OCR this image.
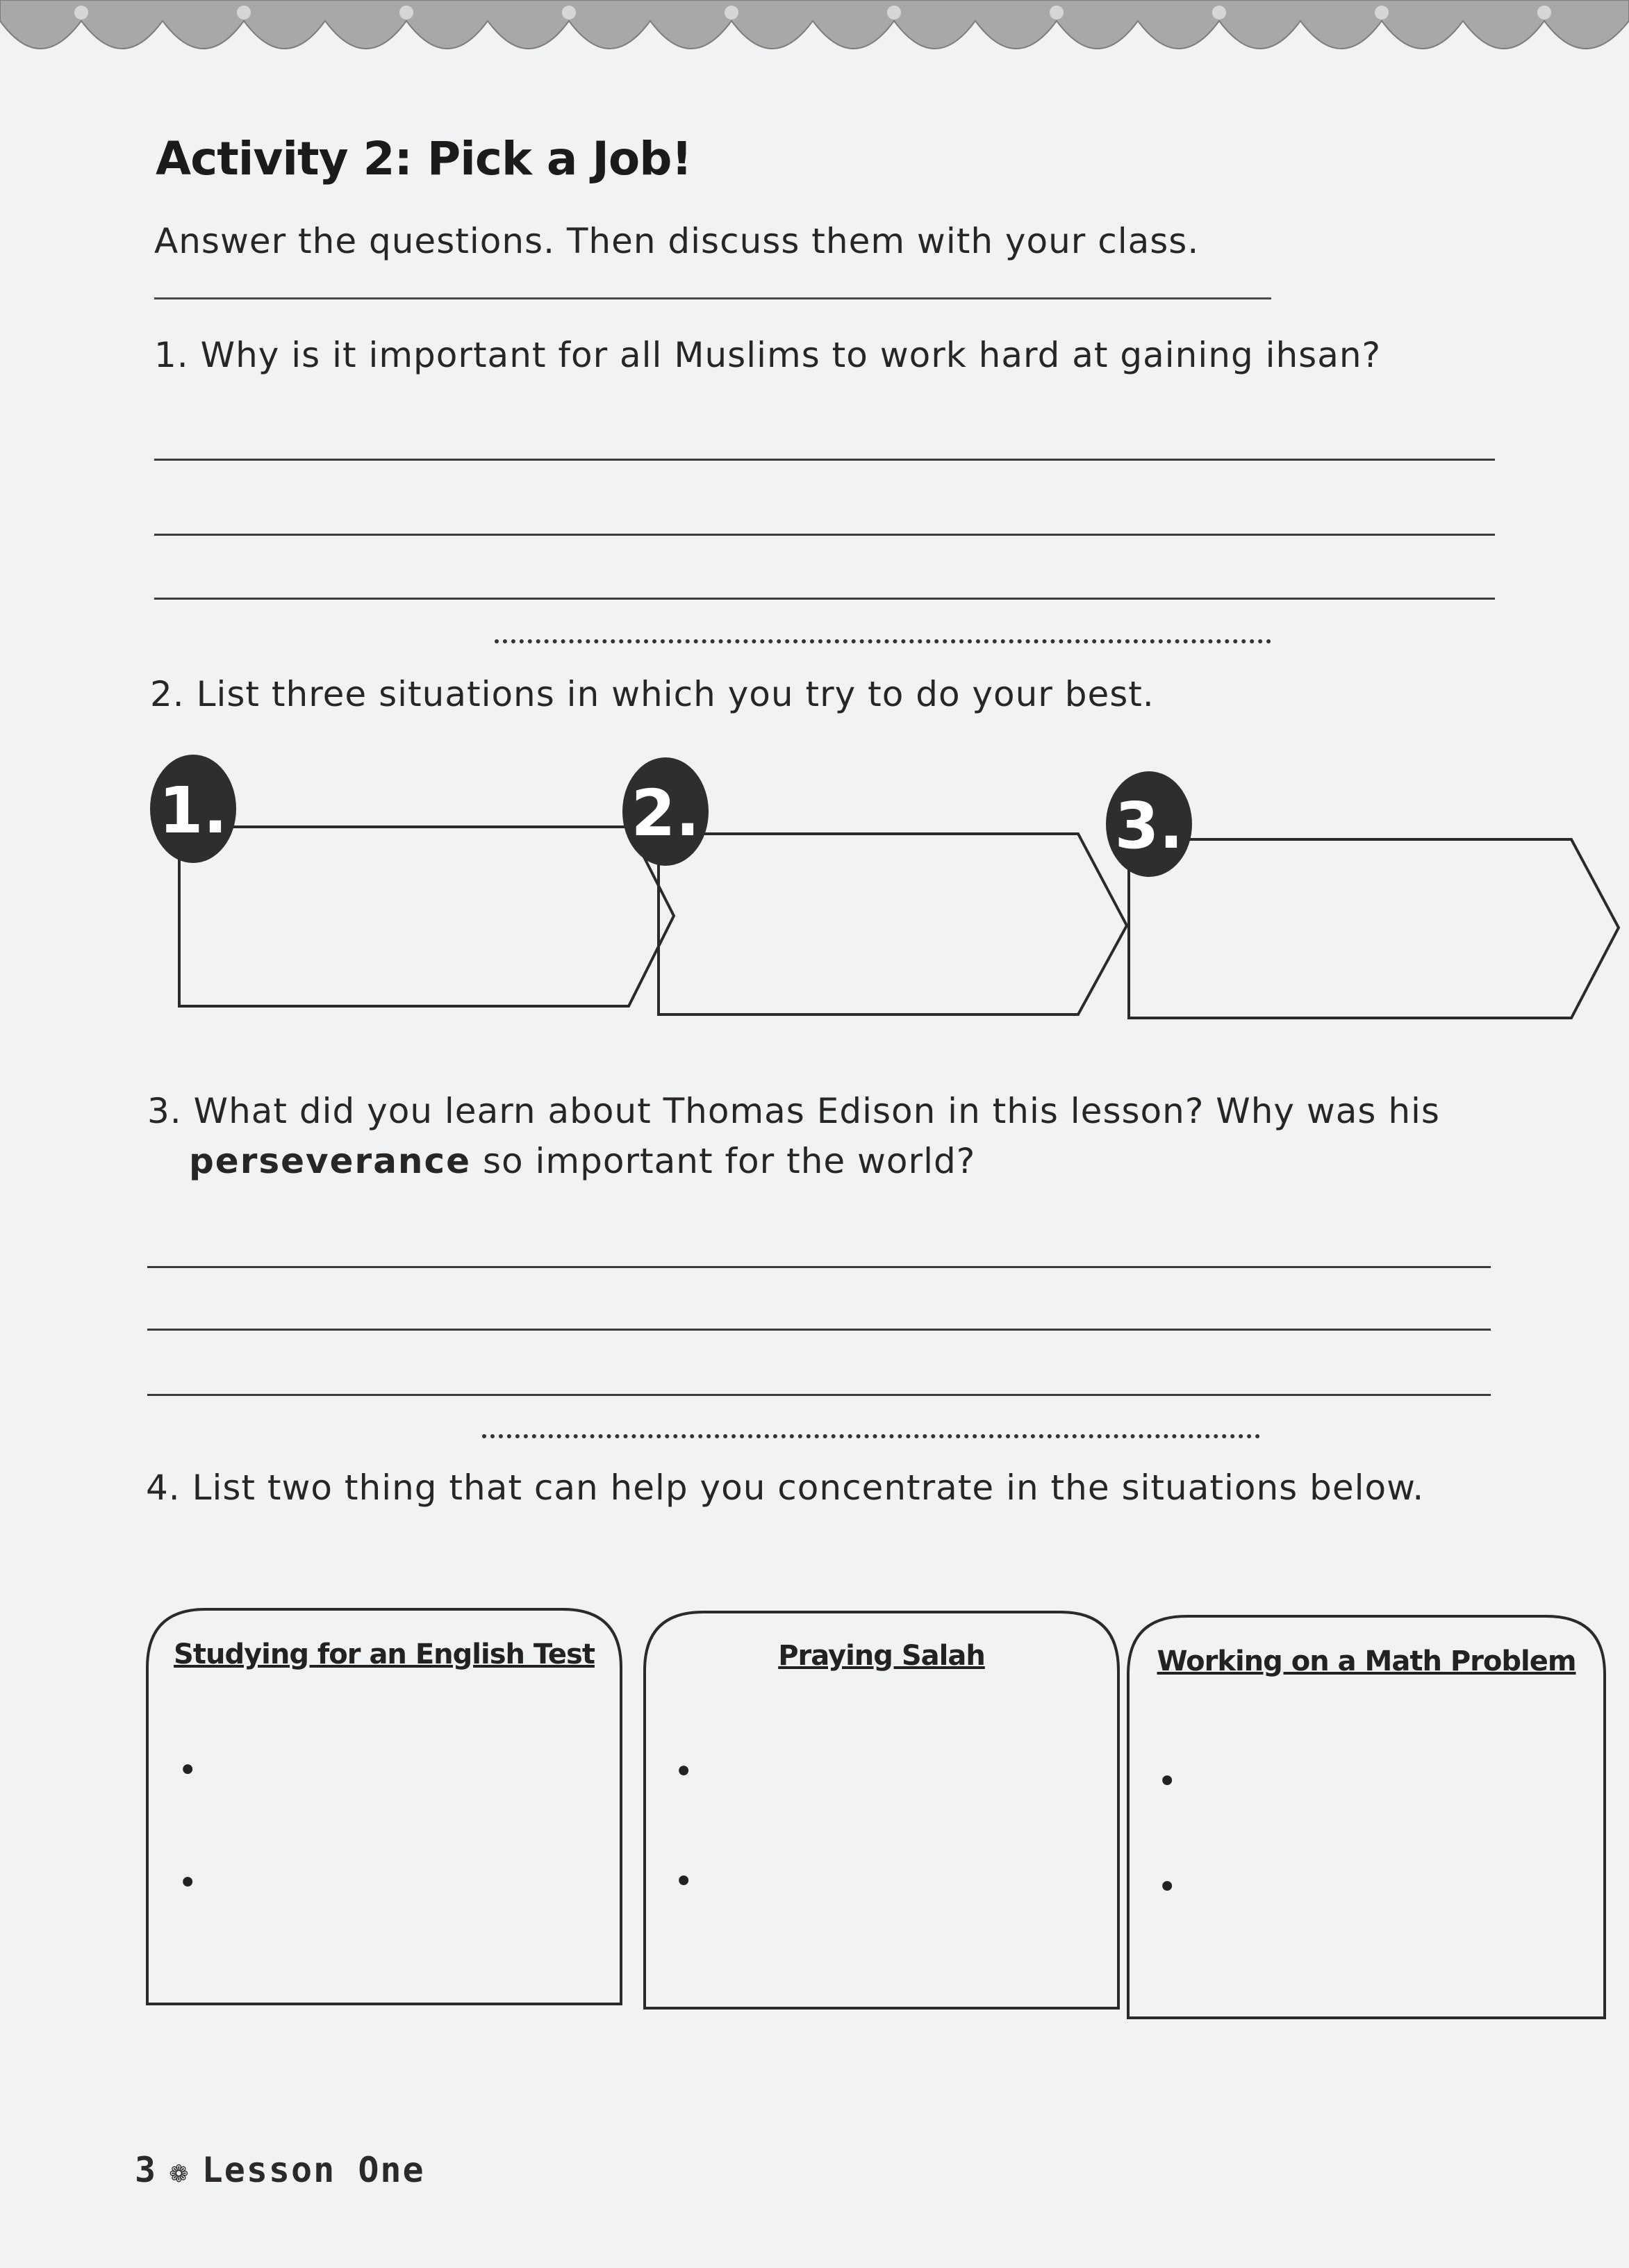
Activity 2: Pick a Job!

Answer the questions. Then discuss them with your class.

1. Why is it important for all Muslims to work hard at gaining ihsan?
2. List three situations in which you try to do your best.
1.	2.	3.
3. What did you learn about Thomas Edison in this lesson? Why was his
perseverance so important for the world?
4. List two thing that can help you concentrate in the situations below.
Studying for an English Test	Praying Salah	Working on a Math Problem
•
•
•
•
•
•
3 ❁ Lesson One
